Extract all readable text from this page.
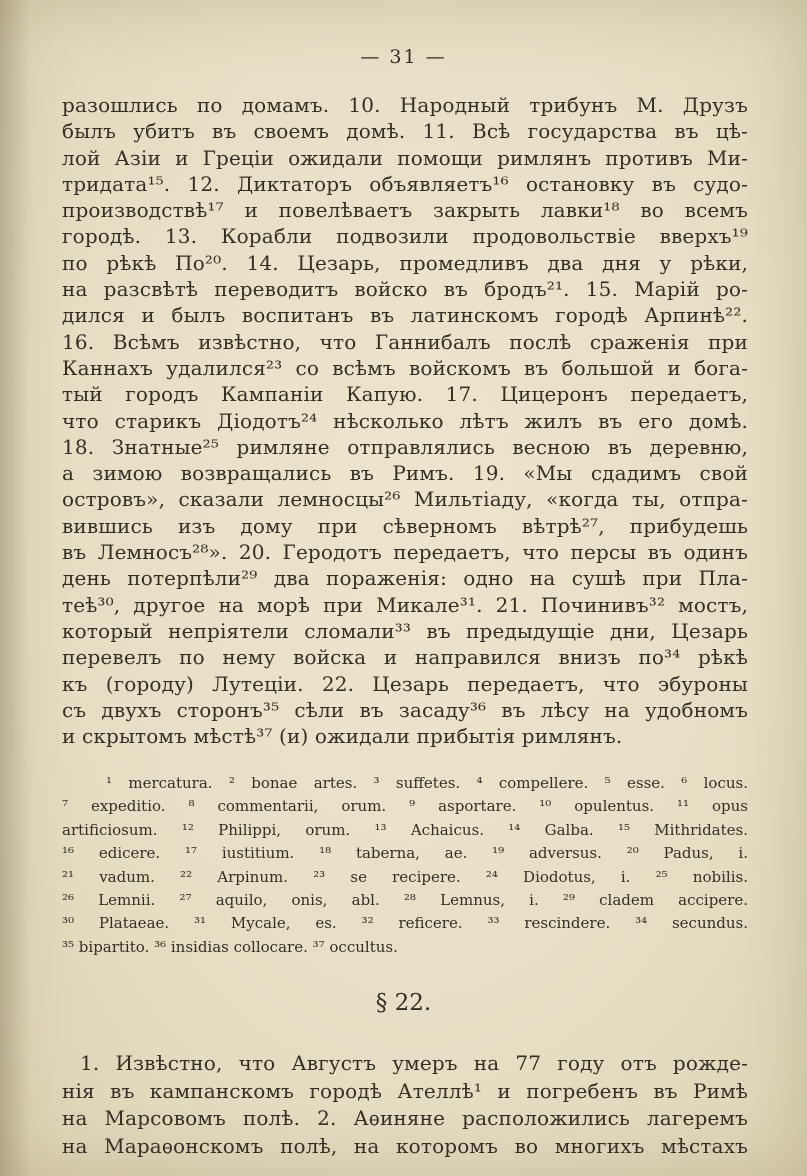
— 31 —
разошлись по домамъ. 10. Народный трибунъ М. Друзъ
былъ убитъ въ своемъ домѣ. 11. Всѣ государства въ цѣ-
лой Азіи и Греціи ожидали помощи римлянъ противъ Ми-
тридата¹⁵. 12. Диктаторъ объявляетъ¹⁶ остановку въ судо-
производствѣ¹⁷ и повелѣваетъ закрыть лавки¹⁸ во всемъ
городѣ. 13. Корабли подвозили продовольствіе вверхъ¹⁹
по рѣкѣ По²⁰. 14. Цезарь, промедливъ два дня у рѣки,
на разсвѣтѣ переводитъ войско въ бродъ²¹. 15. Марій ро-
дился и былъ воспитанъ въ латинскомъ городѣ Арпинѣ²².
16. Всѣмъ извѣстно, что Ганнибалъ послѣ сраженія при
Каннахъ удалился²³ со всѣмъ войскомъ въ большой и бога-
тый городъ Кампаніи Капую. 17. Цицеронъ передаетъ,
что старикъ Діодотъ²⁴ нѣсколько лѣтъ жилъ въ его домѣ.
18. Знатные²⁵ римляне отправлялись весною въ деревню,
а зимою возвращались въ Римъ. 19. «Мы сдадимъ свой
островъ», сказали лемносцы²⁶ Мильтіаду, «когда ты, отпра-
вившись изъ дому при сѣверномъ вѣтрѣ²⁷, прибудешь
въ Лемносъ²⁸». 20. Геродотъ передаетъ, что персы въ одинъ
день потерпѣли²⁹ два пораженія: одно на сушѣ при Пла-
теѣ³⁰, другое на морѣ при Микале³¹. 21. Починивъ³² мостъ,
который непріятели сломали³³ въ предыдущіе дни, Цезарь
перевелъ по нему войска и направился внизъ по³⁴ рѣкѣ
къ (городу) Лутеціи. 22. Цезарь передаетъ, что эбуроны
съ двухъ сторонъ³⁵ сѣли въ засаду³⁶ въ лѣсу на удобномъ
и скрытомъ мѣстѣ³⁷ (и) ожидали прибытія римлянъ.
¹ mercatura. ² bonae artes. ³ suffetes. ⁴ compellere. ⁵ esse. ⁶ locus.
⁷ expeditio. ⁸ commentarii, orum. ⁹ asportare. ¹⁰ opulentus. ¹¹ opus
artificiosum. ¹² Philippi, orum. ¹³ Achaicus. ¹⁴ Galba. ¹⁵ Mithridates.
¹⁶ edicere. ¹⁷ iustitium. ¹⁸ taberna, ae. ¹⁹ adversus. ²⁰ Padus, i.
²¹ vadum. ²² Arpinum. ²³ se recipere. ²⁴ Diodotus, i. ²⁵ nobilis.
²⁶ Lemnii. ²⁷ aquilo, onis, abl. ²⁸ Lemnus, i. ²⁹ cladem accipere.
³⁰ Plataeae. ³¹ Mycale, es. ³² reficere. ³³ rescindere. ³⁴ secundus.
³⁵ bipartito. ³⁶ insidias collocare. ³⁷ occultus.
§ 22.
1. Извѣстно, что Августъ умеръ на 77 году отъ рожде-
нія въ кампанскомъ городѣ Ателлѣ¹ и погребенъ въ Римѣ
на Марсовомъ полѣ. 2. Аѳиняне расположились лагеремъ
на Мараѳонскомъ полѣ, на которомъ во многихъ мѣстахъ
